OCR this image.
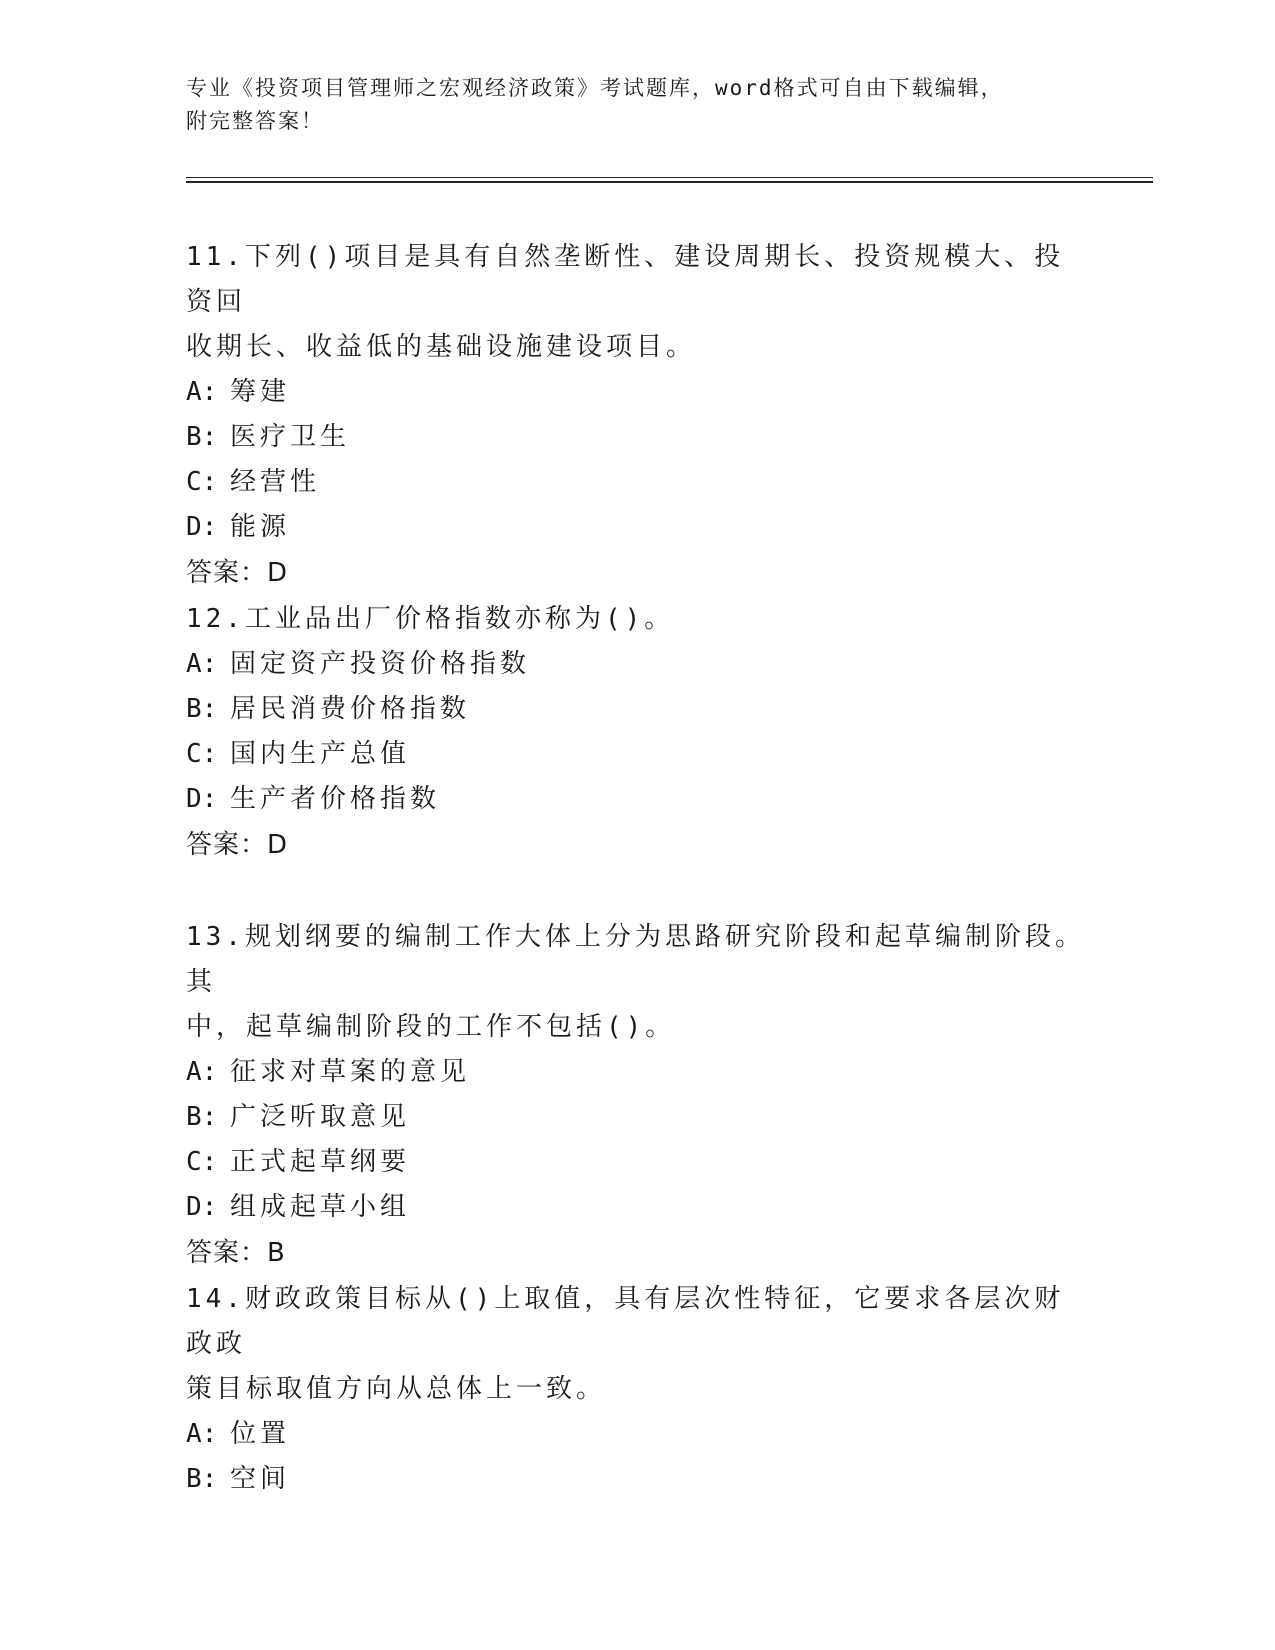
专业《投资项目管理师之宏观经济政策》考试题库，word格式可自由下载编辑，
附完整答案！

11.下列()项目是具有自然垄断性、建设周期长、投资规模大、投资回
收期长、收益低的基础设施建设项目。

A: 筹建

B: 医疗卫生

C: 经营性

D: 能源

答案：D

12.工业品出厂价格指数亦称为()。

A: 固定资产投资价格指数

B: 居民消费价格指数

C: 国内生产总值

D: 生产者价格指数

答案：D

13.规划纲要的编制工作大体上分为思路研究阶段和起草编制阶段。其
中，起草编制阶段的工作不包括()。

A: 征求对草案的意见

B: 广泛听取意见

C: 正式起草纲要

D: 组成起草小组

答案：B

14.财政政策目标从()上取值，具有层次性特征，它要求各层次财政政
策目标取值方向从总体上一致。

A: 位置

B: 空间
